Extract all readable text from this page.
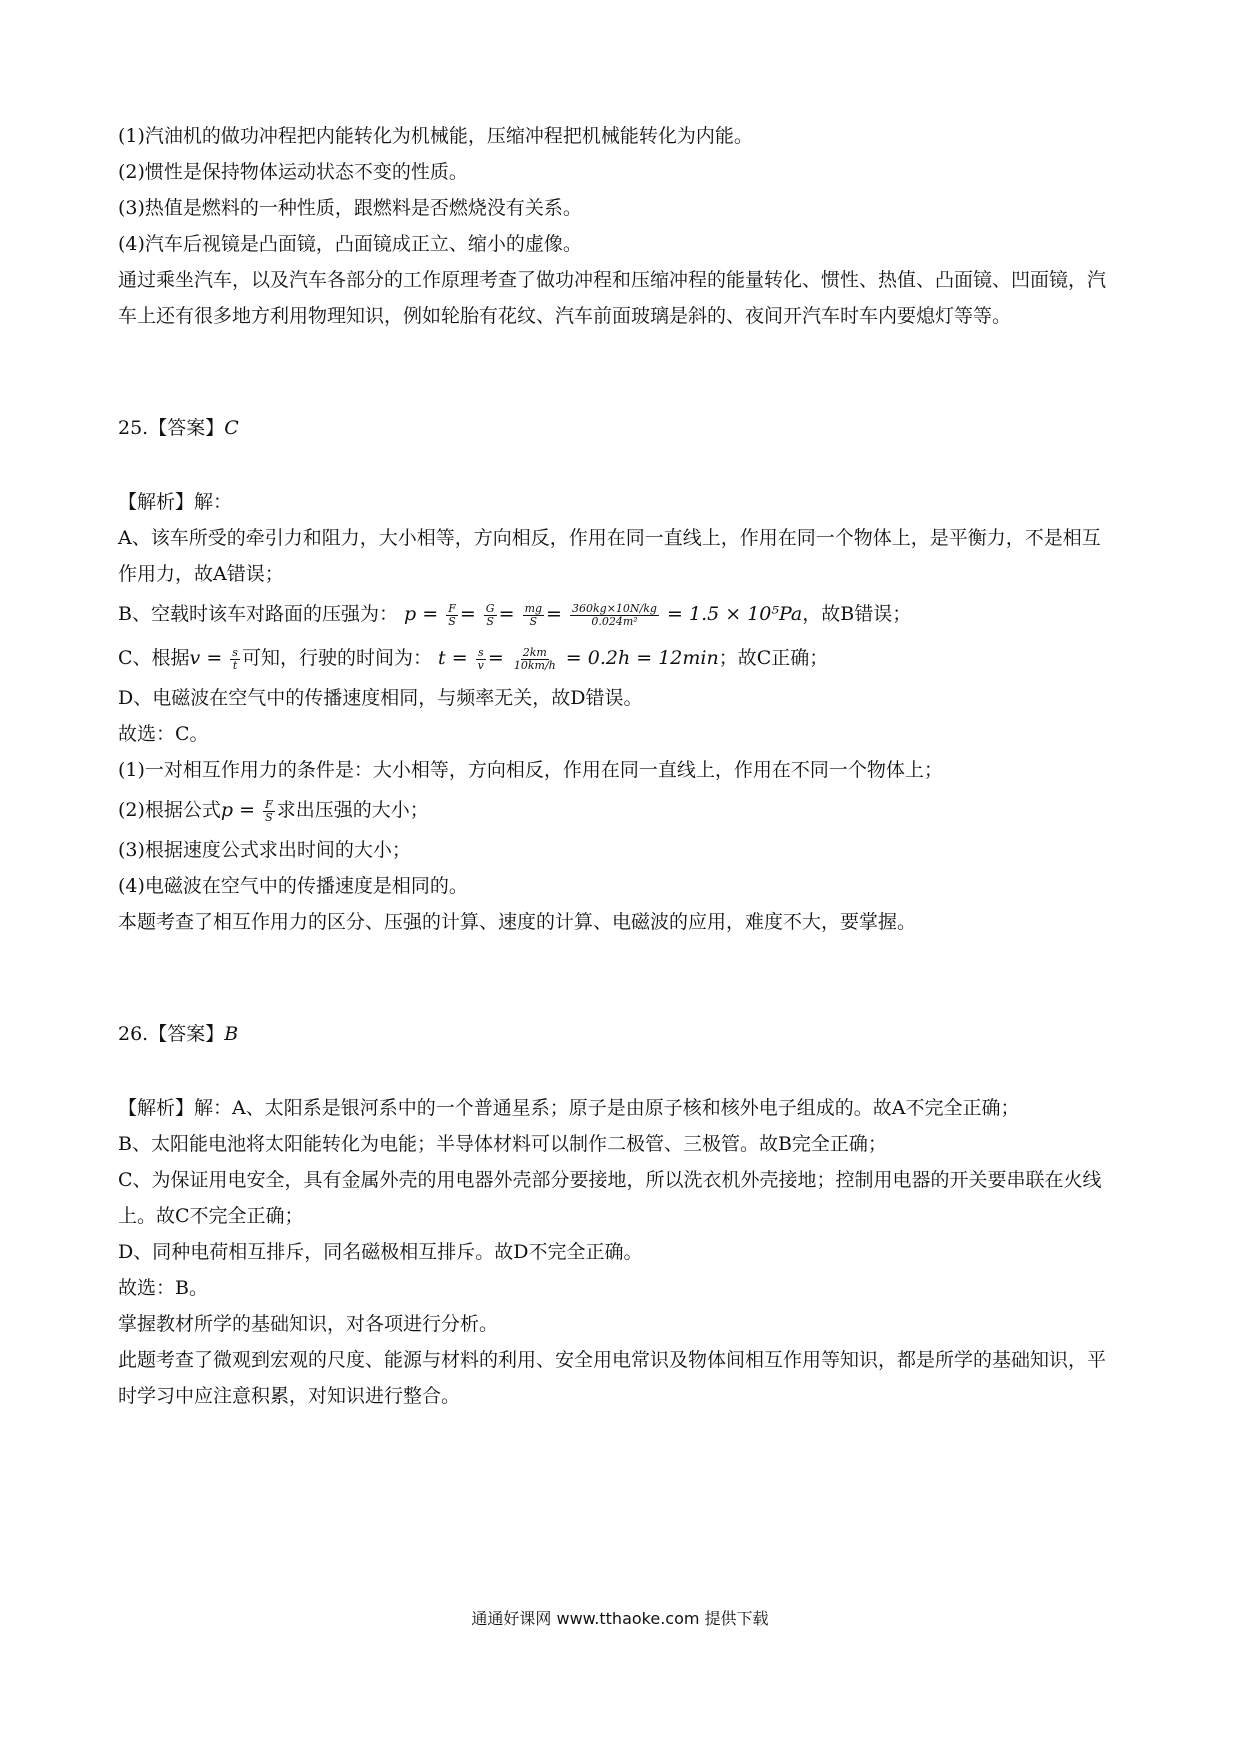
(1)汽油机的做功冲程把内能转化为机械能，压缩冲程把机械能转化为内能。
(2)惯性是保持物体运动状态不变的性质。
(3)热值是燃料的一种性质，跟燃料是否燃烧没有关系。
(4)汽车后视镜是凸面镜，凸面镜成正立、缩小的虚像。
通过乘坐汽车，以及汽车各部分的工作原理考查了做功冲程和压缩冲程的能量转化、惯性、热值、凸面镜、凹面镜，汽车上还有很多地方利用物理知识，例如轮胎有花纹、汽车前面玻璃是斜的、夜间开汽车时车内要熄灯等等。
25.【答案】C
【解析】解：
A、该车所受的牵引力和阻力，大小相等，方向相反，作用在同一直线上，作用在同一个物体上，是平衡力，不是相互作用力，故A错误；
B、空载时该车对路面的压强为： $p = \frac{F}{S} = \frac{G}{S} = \frac{mg}{S} = \frac{360kg\times 10N/kg}{\text{0.024m²}} = 1.5 \times 10^5Pa$，故B错误；
C、根据$v = \frac{s}{t}$ 可知，行驶的时间为： $t = \frac{s}{v} = \frac{2km}{10km/h} = 0.2h = 12\min$；故C正确；
D、电磁波在空气中的传播速度相同，与频率无关，故D错误。
故选：C。
(1)一对相互作用力的条件是：大小相等，方向相反，作用在同一直线上，作用在不同一个物体上；
(2)根据公式$p = \frac{F}{S}$ 求出压强的大小；
(3)根据速度公式求出时间的大小；
(4)电磁波在空气中的传播速度是相同的。
本题考查了相互作用力的区分、压强的计算、速度的计算、电磁波的应用，难度不大，要掌握。
26.【答案】B
【解析】解：A、太阳系是银河系中的一个普通星系；原子是由原子核和核外电子组成的。故A不完全正确；
B、太阳能电池将太阳能转化为电能；半导体材料可以制作二极管、三极管。故B完全正确；
C、为保证用电安全，具有金属外壳的用电器外壳部分要接地，所以洗衣机外壳接地；控制用电器的开关要串联在火线上。故C不完全正确；
D、同种电荷相互排斥，同名磁极相互排斥。故D不完全正确。
故选：B。
掌握教材所学的基础知识，对各项进行分析。
此题考查了微观到宏观的尺度、能源与材料的利用、安全用电常识及物体间相互作用等知识，都是所学的基础知识，平时学习中应注意积累，对知识进行整合。
通通好课网 www.tthaoke.com 提供下载
